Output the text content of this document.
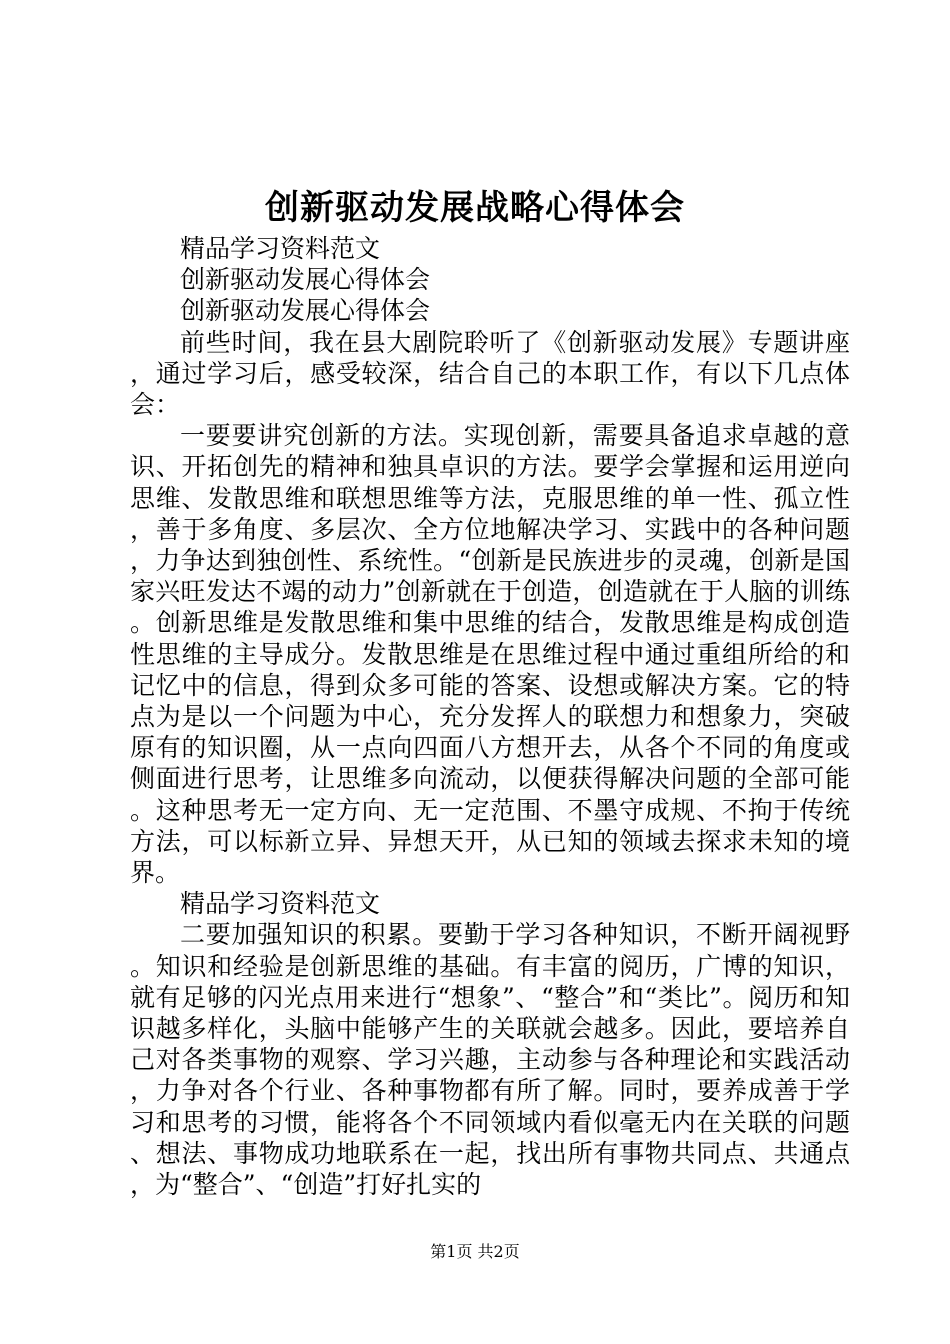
创新驱动发展战略心得体会

精品学习资料范文

创新驱动发展心得体会

创新驱动发展心得体会

前些时间，我在县大剧院聆听了《创新驱动发展》专题讲座，通过学习后，感受较深，结合自己的本职工作，有以下几点体会：

一要要讲究创新的方法。实现创新，需要具备追求卓越的意识、开拓创先的精神和独具卓识的方法。要学会掌握和运用逆向思维、发散思维和联想思维等方法，克服思维的单一性、孤立性，善于多角度、多层次、全方位地解决学习、实践中的各种问题，力争达到独创性、系统性。“创新是民族进步的灵魂，创新是国家兴旺发达不竭的动力”创新就在于创造，创造就在于人脑的训练。创新思维是发散思维和集中思维的结合，发散思维是构成创造性思维的主导成分。发散思维是在思维过程中通过重组所给的和记忆中的信息，得到众多可能的答案、设想或解决方案。它的特点为是以一个问题为中心，充分发挥人的联想力和想象力，突破原有的知识圈，从一点向四面八方想开去，从各个不同的角度或侧面进行思考，让思维多向流动，以便获得解决问题的全部可能。这种思考无一定方向、无一定范围、不墨守成规、不拘于传统方法，可以标新立异、异想天开，从已知的领域去探求未知的境界。

精品学习资料范文

二要加强知识的积累。要勤于学习各种知识，不断开阔视野。知识和经验是创新思维的基础。有丰富的阅历，广博的知识，就有足够的闪光点用来进行“想象”、“整合”和“类比”。阅历和知识越多样化，头脑中能够产生的关联就会越多。因此，要培养自己对各类事物的观察、学习兴趣，主动参与各种理论和实践活动，力争对各个行业、各种事物都有所了解。同时，要养成善于学习和思考的习惯，能将各个不同领域内看似毫无内在关联的问题、想法、事物成功地联系在一起，找出所有事物共同点、共通点，为“整合”、“创造”打好扎实的

第1页 共2页
